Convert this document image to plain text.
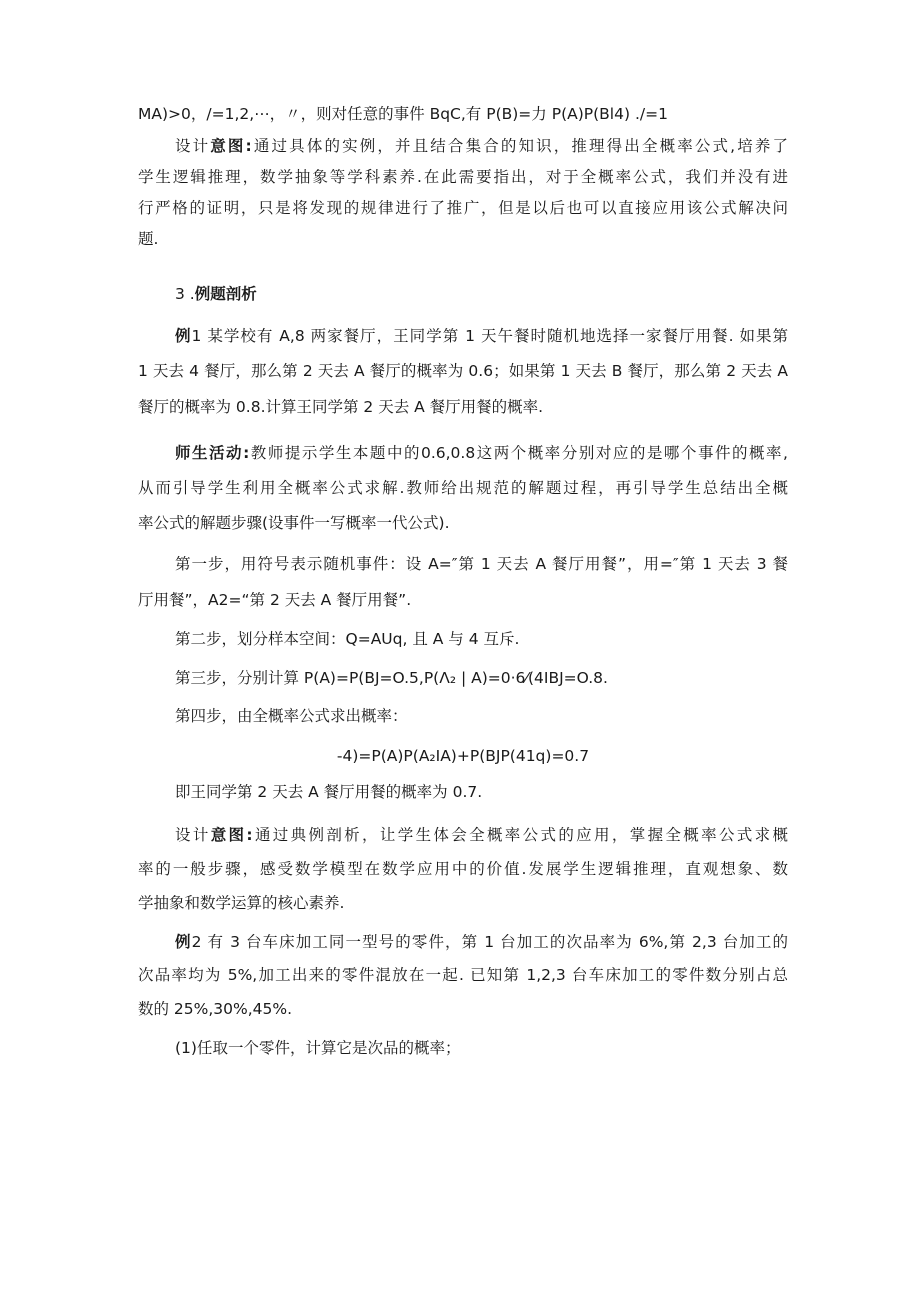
MA)>0，/=1,2,⋯，〃，则对任意的事件 BqC,有 P(B)=力 P(A)P(Bl4) ./=1
设计意图:通过具体的实例，并且结合集合的知识，推理得出全概率公式,培养了
学生逻辑推理，数学抽象等学科素养.在此需要指出，对于全概率公式，我们并没有进
行严格的证明，只是将发现的规律进行了推广，但是以后也可以直接应用该公式解决问
题.
3 .例题剖析
例1 某学校有 A,8 两家餐厅，王同学第 1 天午餐时随机地选择一家餐厅用餐. 如果第
1 天去 4 餐厅，那么第 2 天去 A 餐厅的概率为 0.6；如果第 1 天去 B 餐厅，那么第 2 天去 A
餐厅的概率为 0.8.计算王同学第 2 天去 A 餐厅用餐的概率.
师生活动:教师提示学生本题中的0.6,0.8这两个概率分别对应的是哪个事件的概率,
从而引导学生利用全概率公式求解.教师给出规范的解题过程，再引导学生总结出全概
率公式的解题步骤(设事件一写概率一代公式).
第一步，用符号表示随机事件：设 A=″第 1 天去 A 餐厅用餐”，用=″第 1 天去 3 餐
厅用餐”，A2=“第 2 天去 A 餐厅用餐”.
第二步，划分样本空间：Q=AUq, 且 A 与 4 互斥.
第三步，分别计算 P(A)=P(BJ=O.5,P(Λ₂ | A)=0·6⁄(4IBJ=O.8.
第四步，由全概率公式求出概率：
-4)=P(A)P(A₂IA)+P(BJP(41q)=0.7
即王同学第 2 天去 A 餐厅用餐的概率为 0.7.
设计意图:通过典例剖析，让学生体会全概率公式的应用，掌握全概率公式求概
率的一般步骤，感受数学模型在数学应用中的价值.发展学生逻辑推理，直观想象、数
学抽象和数学运算的核心素养.
例2 有 3 台车床加工同一型号的零件，第 1 台加工的次品率为 6%,第 2,3 台加工的
次品率均为 5%,加工出来的零件混放在一起. 已知第 1,2,3 台车床加工的零件数分别占总
数的 25%,30%,45%.
(1)任取一个零件，计算它是次品的概率；
